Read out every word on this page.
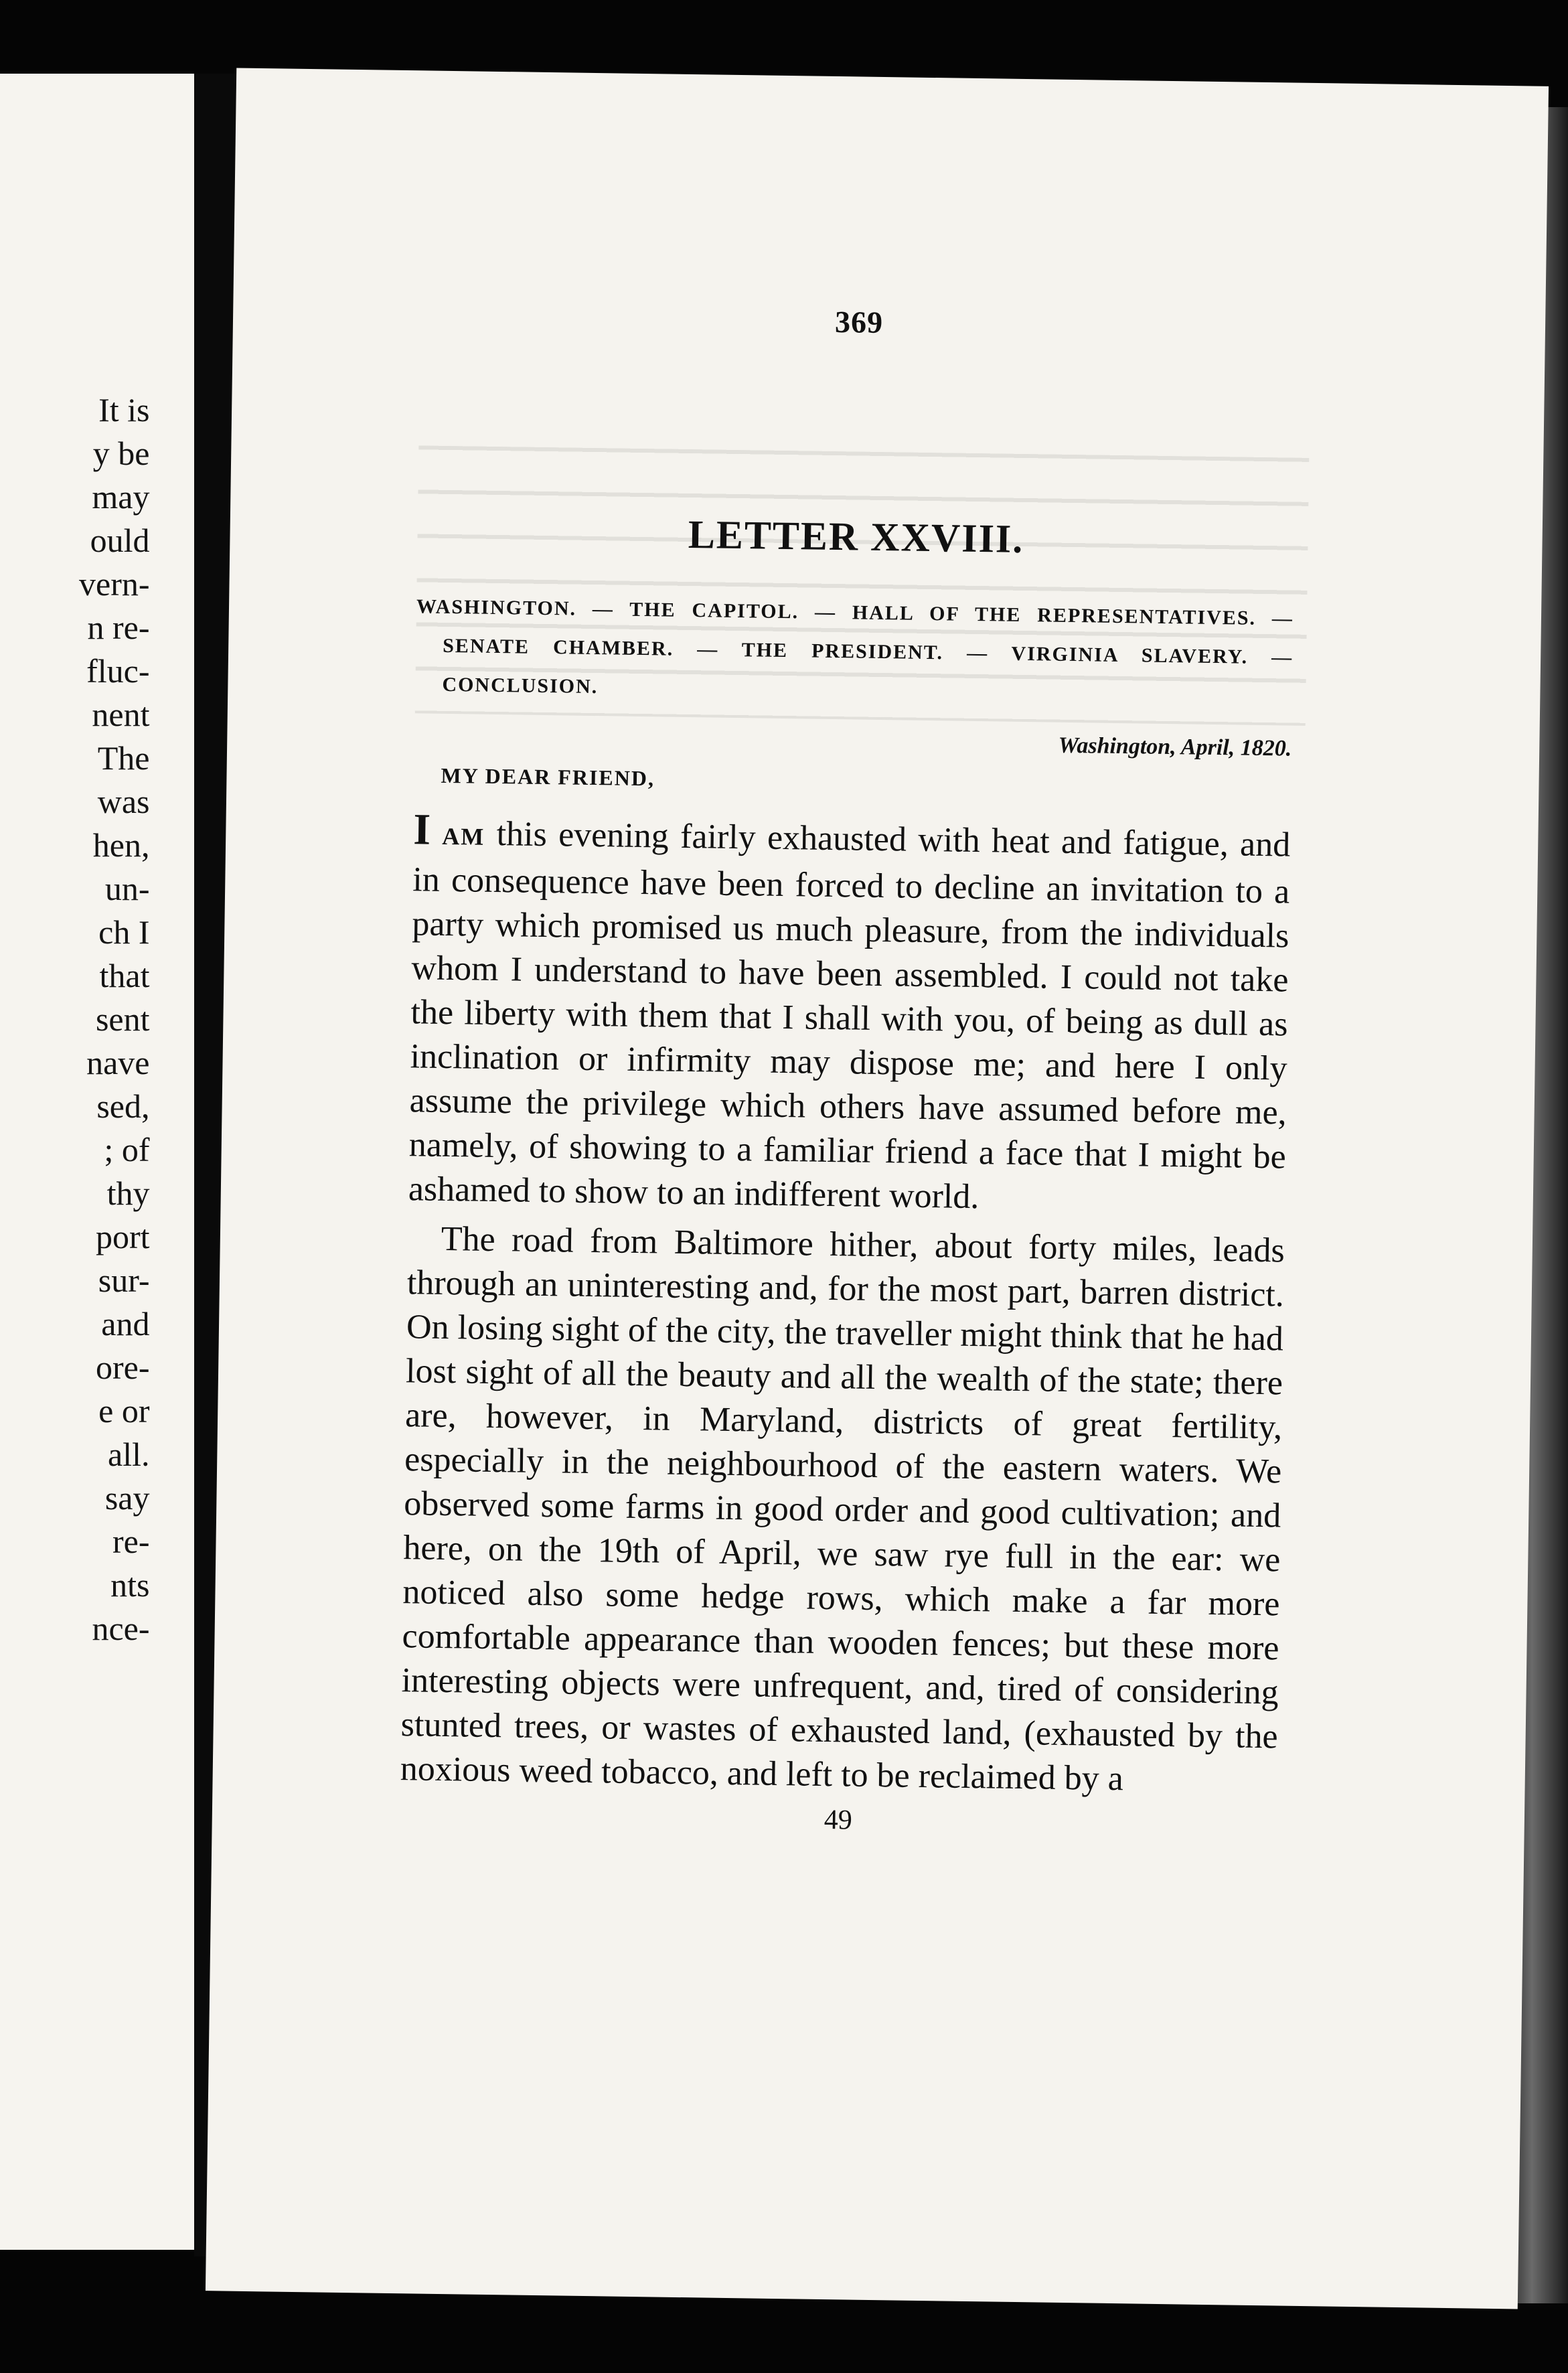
It is
y be
may
ould
vern-
n re-
fluc-
nent
The
was
hen,
un-
ch I
that
sent
nave
sed,
; of
thy
port
sur-
and
ore-
e or
all.
say
re-
nts
nce-
369
LETTER XXVIII.
WASHINGTON. — THE CAPITOL. — HALL OF THE REPRESENTATIVES. — SENATE CHAMBER. — THE PRESIDENT. — VIRGINIA SLAVERY. — CONCLUSION.
Washington, April, 1820.
MY DEAR FRIEND,

I AM this evening fairly exhausted with heat and fatigue, and in consequence have been forced to decline an invitation to a party which promised us much pleasure, from the individuals whom I understand to have been assembled. I could not take the liberty with them that I shall with you, of being as dull as inclination or infirmity may dispose me; and here I only assume the privilege which others have assumed before me, namely, of showing to a familiar friend a face that I might be ashamed to show to an indifferent world.

The road from Baltimore hither, about forty miles, leads through an uninteresting and, for the most part, barren district. On losing sight of the city, the traveller might think that he had lost sight of all the beauty and all the wealth of the state; there are, however, in Maryland, districts of great fertility, especially in the neighbourhood of the eastern waters. We observed some farms in good order and good cultivation; and here, on the 19th of April, we saw rye full in the ear: we noticed also some hedge rows, which make a far more comfortable appearance than wooden fences; but these more interesting objects were unfrequent, and, tired of considering stunted trees, or wastes of exhausted land, (exhausted by the noxious weed tobacco, and left to be reclaimed by a

49
